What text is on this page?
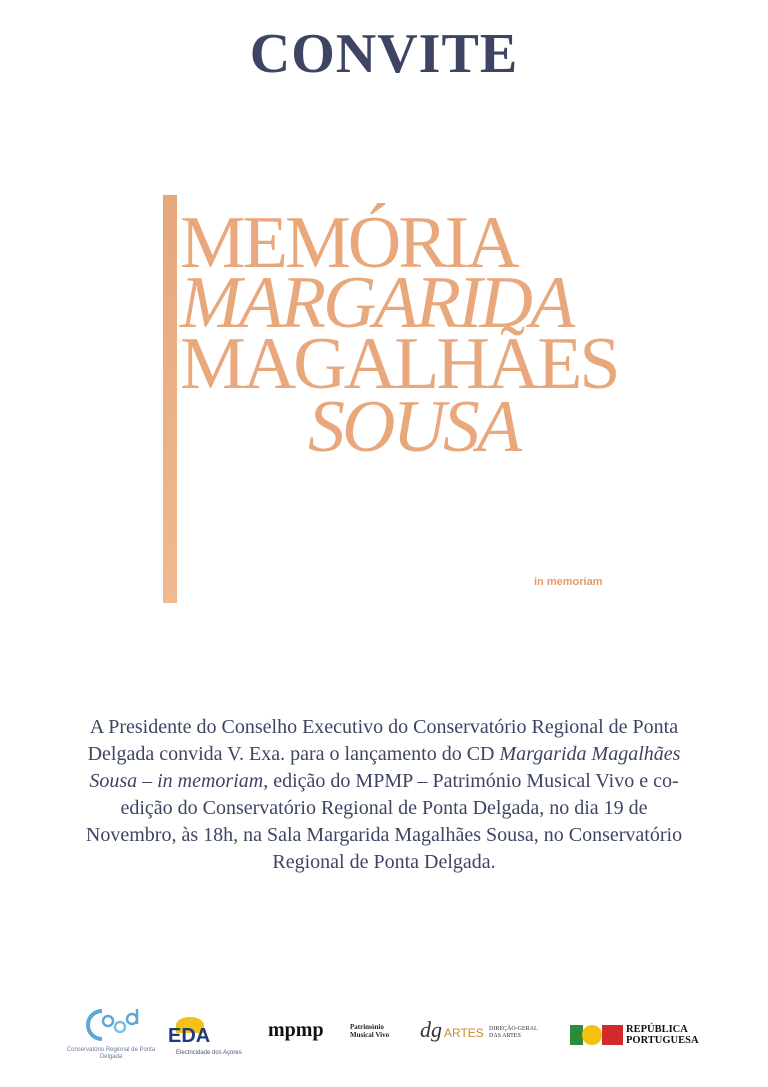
CONVITE

MEMÓRIA

MARGARIDA

MAGALHÃES

SOUSA

in memoriam
A Presidente do Conselho Executivo do Conservatório Regional de Ponta Delgada convida V. Exa. para o lançamento do CD Margarida Magalhães Sousa – in memoriam, edição do MPMP – Património Musical Vivo e co-edição do Conservatório Regional de Ponta Delgada, no dia 19 de Novembro, às 18h, na Sala Margarida Magalhães Sousa, no Conservatório Regional de Ponta Delgada.
Conservatório Regional de Ponta Delgada
EDA
Electricidade dos Açores
mpmp	Património Musical Vivo	dg ARTES DIREÇÃO-GERAL DAS ARTES
REPÚBLICA
PORTUGUESA
